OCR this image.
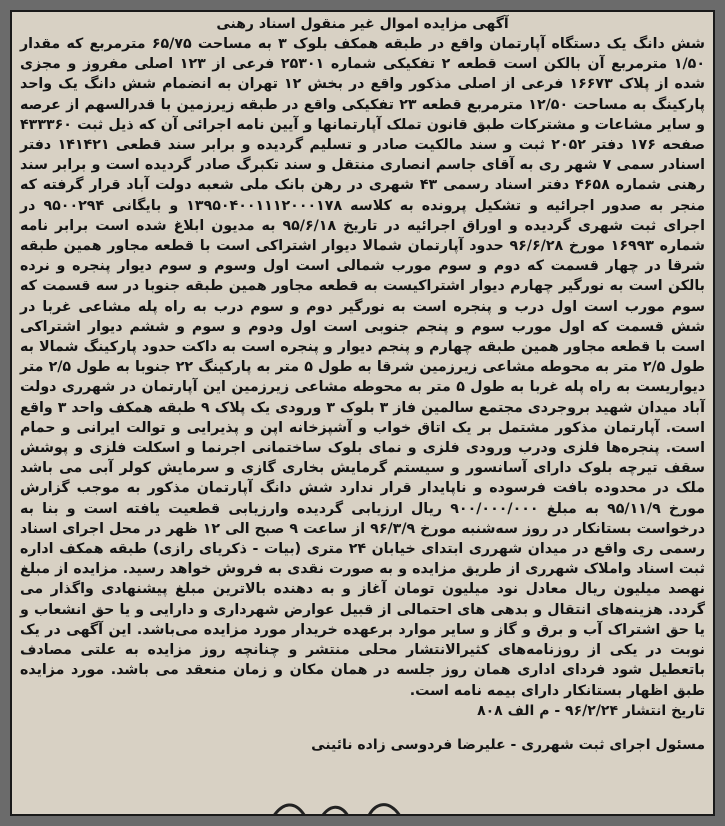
آگهی مزایده اموال غیر منقول اسناد رهنی

شش دانگ یک دستگاه آپارتمان واقع در طبقه همکف بلوک ۳ به مساحت ۶۵/۷۵ مترمربع که مقدار ۱/۵۰ مترمربع آن بالکن است قطعه ۲ تفکیکی شماره ۲۵۳۰۱ فرعی از ۱۲۳ اصلی مفروز و مجزی شده از پلاک ۱۶۶۷۳ فرعی از اصلی مذکور واقع در بخش ۱۲ تهران به انضمام شش دانگ یک واحد پارکینگ به مساحت ۱۲/۵۰ مترمربع قطعه ۲۳ تفکیکی واقع در طبقه زیرزمین با قدرالسهم از عرصه و سایر مشاعات و مشترکات طبق قانون تملک آپارتمانها و آیین نامه اجرائی آن که ذیل ثبت ۴۳۳۳۶۰ صفحه ۱۷۶ دفتر ۲۰۵۲ ثبت و سند مالکیت صادر و تسلیم گردیده و برابر سند قطعی ۱۴۱۴۲۱ دفتر اسنادر سمی ۷ شهر ری به آقای جاسم انصاری منتقل و سند تکبرگ صادر گردیده است و برابر سند رهنی شماره ۴۶۵۸ دفتر اسناد رسمی ۴۳ شهری در رهن بانک ملی شعبه دولت آباد قرار گرفته که منجر به صدور اجرائیه و تشکیل پرونده به کلاسه ۱۳۹۵۰۴۰۰۱۱۱۲۰۰۰۱۷۸ و بایگانی ۹۵۰۰۲۹۴ در اجرای ثبت شهری گردیده و اوراق اجرائیه در تاریخ ۹۵/۶/۱۸ به مدیون ابلاغ شده است برابر نامه شماره ۱۶۹۹۳ مورخ ۹۶/۶/۲۸ حدود آپارتمان شمالا دیوار اشتراکی است با قطعه مجاور همین طبقه شرقا در چهار قسمت که دوم و سوم مورب شمالی است اول وسوم و سوم دیوار پنجره و نرده بالکن است به نورگیر چهارم دیوار اشتراکیست به قطعه مجاور همین طبقه جنوبا در سه قسمت که سوم مورب است اول درب و پنجره است به نورگیر دوم و سوم درب به راه پله مشاعی غربا در شش قسمت که اول مورب سوم و پنجم جنوبی است اول ودوم و سوم و ششم دیوار اشتراکی است با قطعه مجاور همین طبقه چهارم و پنجم دیوار و پنجره است به داکت حدود پارکینگ شمالا به طول ۲/۵ متر به محوطه مشاعی زیرزمین شرقا به طول ۵ متر به پارکینگ ۲۲ جنوبا به طول ۲/۵ متر دیواریست به راه پله غربا به طول ۵ متر به محوطه مشاعی زیرزمین این آپارتمان در شهرری دولت آباد میدان شهید بروجردی مجتمع سالمین فاز ۳ بلوک ۳ ورودی یک پلاک ۹ طبقه همکف واحد ۳ واقع است. آپارتمان مذکور مشتمل بر یک اتاق خواب و آشپزخانه اپن و پذیرایی و توالت ایرانی و حمام است. پنجره‌ها فلزی ودرب ورودی فلزی و نمای بلوک ساختمانی اجرنما و اسکلت فلزی و پوشش سقف تیرچه بلوک دارای آسانسور و سیستم گرمایش بخاری گازی و سرمایش کولر آبی می باشد ملک در محدوده بافت فرسوده و ناپایدار قرار ندارد شش دانگ آپارتمان مذکور به موجب گزارش مورخ ۹۵/۱۱/۹ به مبلغ ۹۰۰/۰۰۰/۰۰۰ ریال ارزیابی گردیده وارزیابی قطعیت یافته است و بنا به درخواست بستانکار در روز سه‌شنبه مورخ ۹۶/۳/۹ از ساعت ۹ صبح الی ۱۲ ظهر در محل اجرای اسناد رسمی ری واقع در میدان شهرری ابتدای خیابان ۲۴ متری (بیات - ذکریای رازی) طبقه همکف اداره ثبت اسناد واملاک شهرری از طریق مزایده و به صورت نقدی به فروش خواهد رسید. مزایده از مبلغ نهصد میلیون ریال معادل نود میلیون تومان آغاز و به دهنده بالاترین مبلغ پیشنهادی واگذار می گردد. هزینه‌های انتقال و بدهی های احتمالی از قبیل عوارض شهرداری و دارایی و یا حق انشعاب و یا حق اشتراک آب و برق و گاز و سایر موارد برعهده خریدار مورد مزایده می‌باشد. این آگهی در یک نوبت در یکی از روزنامه‌های کثیرالانتشار محلی منتشر و چنانچه روز مزایده به علتی مصادف باتعطیل شود فردای اداری همان روز جلسه در همان مکان و زمان منعقد می باشد. مورد مزایده طبق اظهار بستانکار دارای بیمه نامه است.

تاریخ انتشار ۹۶/۲/۲۴ - م الف ۸۰۸

مسئول اجرای ثبت شهرری - علیرضا فردوسی زاده نائینی
